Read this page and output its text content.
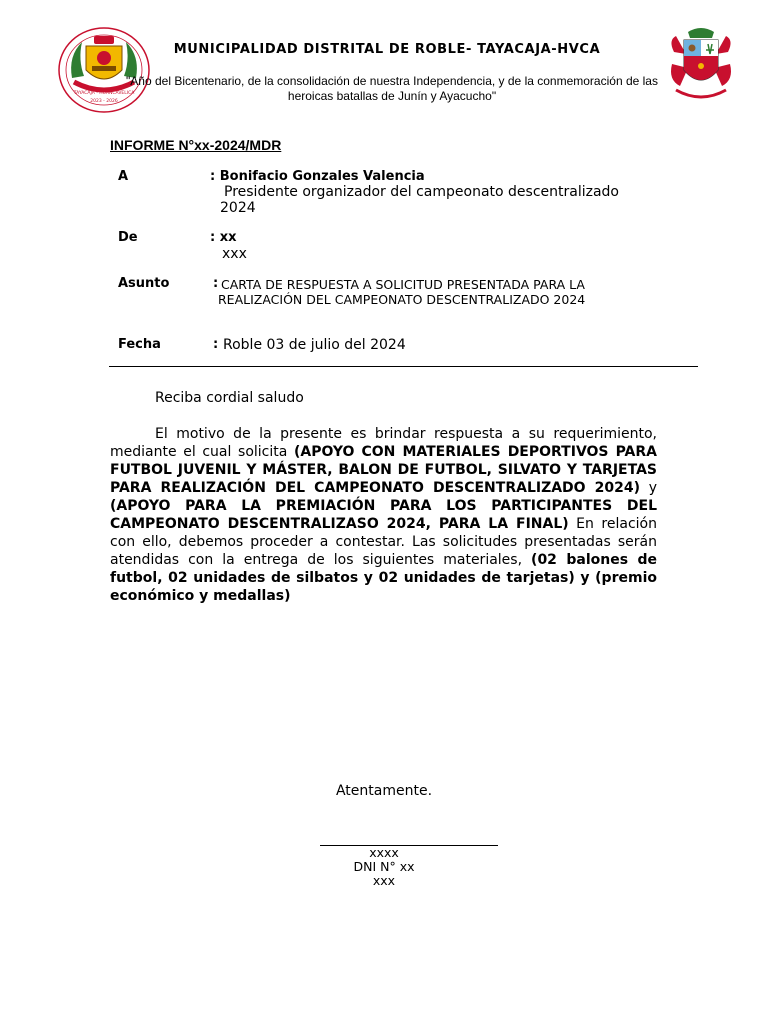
TAYACAJA - HUANCAVELICA
2023 - 2026
MUNICIPALIDAD DISTRITAL DE ROBLE- TAYACAJA-HVCA
"Año del Bicentenario, de la consolidación de nuestra Independencia, y de la conmemoración de las
heroicas batallas de Junín y Ayacucho"
INFORME N°xx-2024/MDR
A	: Bonifacio Gonzales Valencia
Presidente organizador del campeonato descentralizado
2024
De	: xx
xxx
Asunto	: CARTA DE RESPUESTA A SOLICITUD PRESENTADA PARA LA
REALIZACIÓN DEL CAMPEONATO DESCENTRALIZADO 2024
Fecha	: Roble 03 de julio del 2024
Reciba cordial saludo
El motivo de la presente es brindar respuesta a su requerimiento, mediante el cual solicita (APOYO CON MATERIALES DEPORTIVOS PARA FUTBOL JUVENIL Y MÁSTER, BALON DE FUTBOL, SILVATO Y TARJETAS PARA REALIZACIÓN DEL CAMPEONATO DESCENTRALIZADO 2024) y (APOYO PARA LA PREMIACIÓN PARA LOS PARTICIPANTES DEL CAMPEONATO DESCENTRALIZASO 2024, PARA LA FINAL) En relación con ello, debemos proceder a contestar. Las solicitudes presentadas serán atendidas con la entrega de los siguientes materiales, (02 balones de futbol, 02 unidades de silbatos y 02 unidades de tarjetas) y (premio económico y medallas)
Atentamente.
xxxx
DNI N° xx
xxx
